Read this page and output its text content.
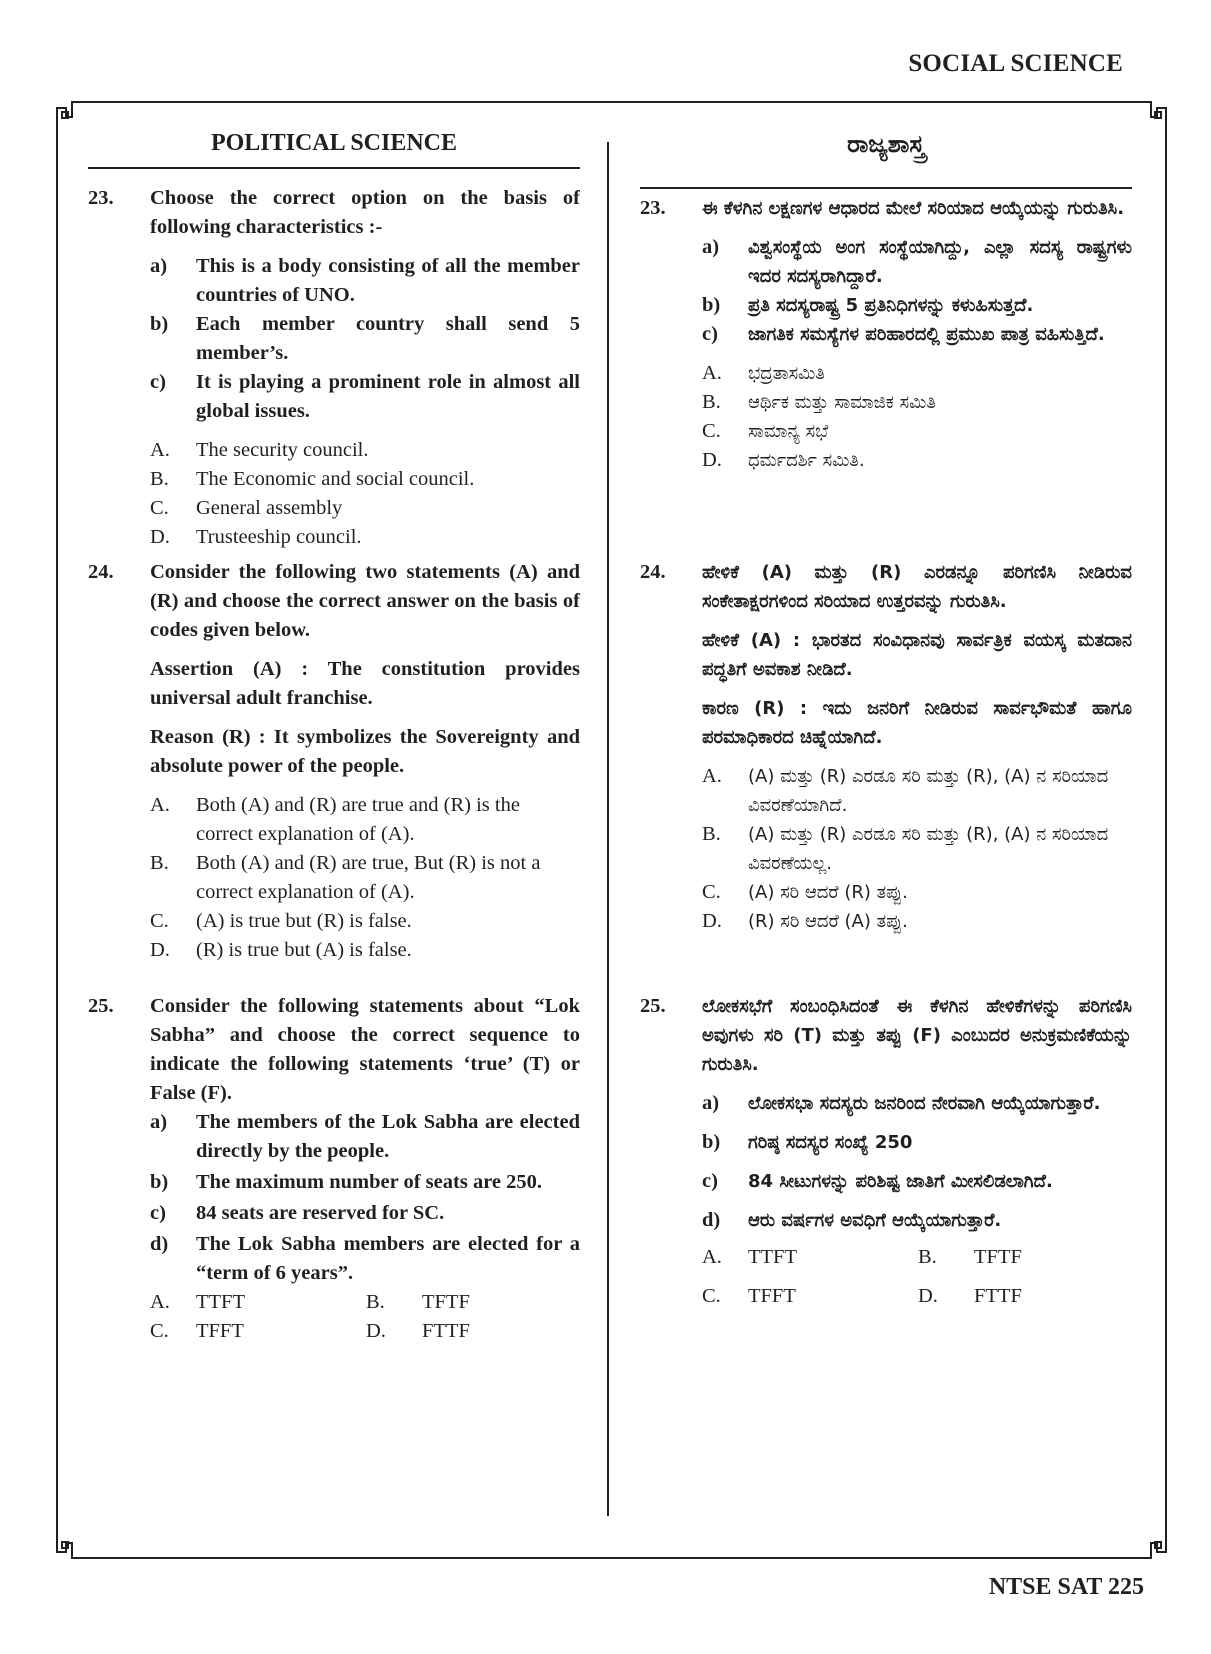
SOCIAL SCIENCE
POLITICAL SCIENCE
23.	Choose the correct option on the basis of following characteristics :-
a)	This is a body consisting of all the member countries of UNO.
b)	Each member country shall send 5 member’s.
c)	It is playing a prominent role in almost all global issues.
A.	The security council.
B.	The Economic and social council.
C.	General assembly
D.	Trusteeship council.
24.	Consider the following two statements (A) and (R) and choose the correct answer on the basis of codes given below.
Assertion (A) : The constitution provides universal adult franchise.
Reason (R) : It symbolizes the Sovereignty and absolute power of the people.
A.	Both (A) and (R) are true and (R) is the correct explanation of (A).
B.	Both (A) and (R) are true, But (R) is not a correct explanation of (A).
C.	(A) is true but (R) is false.
D.	(R) is true but (A) is false.
25.	Consider the following statements about “Lok Sabha” and choose the correct sequence to indicate the following statements ‘true’ (T) or False (F).
a)	The members of the Lok Sabha are elected directly by the people.
b)	The maximum number of seats are 250.
c)	84 seats are reserved for SC.
d)	The Lok Sabha members are elected for a “term of 6 years”.
A.	TTFT	B.	TFTF
C.	TFFT	D.	FTTF
ರಾಜ್ಯಶಾಸ್ತ್ರ
23.	ಈ ಕೆಳಗಿನ ಲಕ್ಷಣಗಳ ಆಧಾರದ ಮೇಲೆ ಸರಿಯಾದ ಆಯ್ಕೆಯನ್ನು ಗುರುತಿಸಿ.
a)	ವಿಶ್ವಸಂಸ್ಥೆಯ ಅಂಗ ಸಂಸ್ಥೆಯಾಗಿದ್ದು, ಎಲ್ಲಾ ಸದಸ್ಯ ರಾಷ್ಟ್ರಗಳು ಇದರ ಸದಸ್ಯರಾಗಿದ್ದಾರೆ.
b)	ಪ್ರತಿ ಸದಸ್ಯರಾಷ್ಟ್ರ 5 ಪ್ರತಿನಿಧಿಗಳನ್ನು ಕಳುಹಿಸುತ್ತದೆ.
c)	ಜಾಗತಿಕ ಸಮಸ್ಯೆಗಳ ಪರಿಹಾರದಲ್ಲಿ ಪ್ರಮುಖ ಪಾತ್ರ ವಹಿಸುತ್ತಿದೆ.
A.	ಭದ್ರತಾಸಮಿತಿ
B.	ಆರ್ಥಿಕ ಮತ್ತು ಸಾಮಾಜಿಕ ಸಮಿತಿ
C.	ಸಾಮಾನ್ಯ ಸಭೆ
D.	ಧರ್ಮದರ್ಶಿ ಸಮಿತಿ.
24.	ಹೇಳಿಕೆ (A) ಮತ್ತು (R) ಎರಡನ್ನೂ ಪರಿಗಣಿಸಿ ನೀಡಿರುವ ಸಂಕೇತಾಕ್ಷರಗಳಿಂದ ಸರಿಯಾದ ಉತ್ತರವನ್ನು ಗುರುತಿಸಿ.
ಹೇಳಿಕೆ (A) : ಭಾರತದ ಸಂವಿಧಾನವು ಸಾರ್ವತ್ರಿಕ ವಯಸ್ಕ ಮತದಾನ ಪದ್ಧತಿಗೆ ಅವಕಾಶ ನೀಡಿದೆ.
ಕಾರಣ (R) : ಇದು ಜನರಿಗೆ ನೀಡಿರುವ ಸಾರ್ವಭೌಮತೆ ಹಾಗೂ ಪರಮಾಧಿಕಾರದ ಚಿಹ್ನೆಯಾಗಿದೆ.
A.	(A) ಮತ್ತು (R) ಎರಡೂ ಸರಿ ಮತ್ತು (R), (A) ನ ಸರಿಯಾದ ವಿವರಣೆಯಾಗಿದೆ.
B.	(A) ಮತ್ತು (R) ಎರಡೂ ಸರಿ ಮತ್ತು (R), (A) ನ ಸರಿಯಾದ ವಿವರಣೆಯಲ್ಲ.
C.	(A) ಸರಿ ಆದರೆ (R) ತಪ್ಪು.
D.	(R) ಸರಿ ಆದರೆ (A) ತಪ್ಪು.
25.	ಲೋಕಸಭೆಗೆ ಸಂಬಂಧಿಸಿದಂತೆ ಈ ಕೆಳಗಿನ ಹೇಳಿಕೆಗಳನ್ನು ಪರಿಗಣಿಸಿ ಅವುಗಳು ಸರಿ (T) ಮತ್ತು ತಪ್ಪು (F) ಎಂಬುದರ ಅನುಕ್ರಮಣಿಕೆಯನ್ನು ಗುರುತಿಸಿ.
a)	ಲೋಕಸಭಾ ಸದಸ್ಯರು ಜನರಿಂದ ನೇರವಾಗಿ ಆಯ್ಕೆಯಾಗುತ್ತಾರೆ.
b)	ಗರಿಷ್ಠ ಸದಸ್ಯರ ಸಂಖ್ಯೆ 250
c)	84 ಸೀಟುಗಳನ್ನು ಪರಿಶಿಷ್ಟ ಜಾತಿಗೆ ಮೀಸಲಿಡಲಾಗಿದೆ.
d)	ಆರು ವರ್ಷಗಳ ಅವಧಿಗೆ ಆಯ್ಕೆಯಾಗುತ್ತಾರೆ.
A.	TTFT	B.	TFTF
C.	TFFT	D.	FTTF
NTSE SAT 225
